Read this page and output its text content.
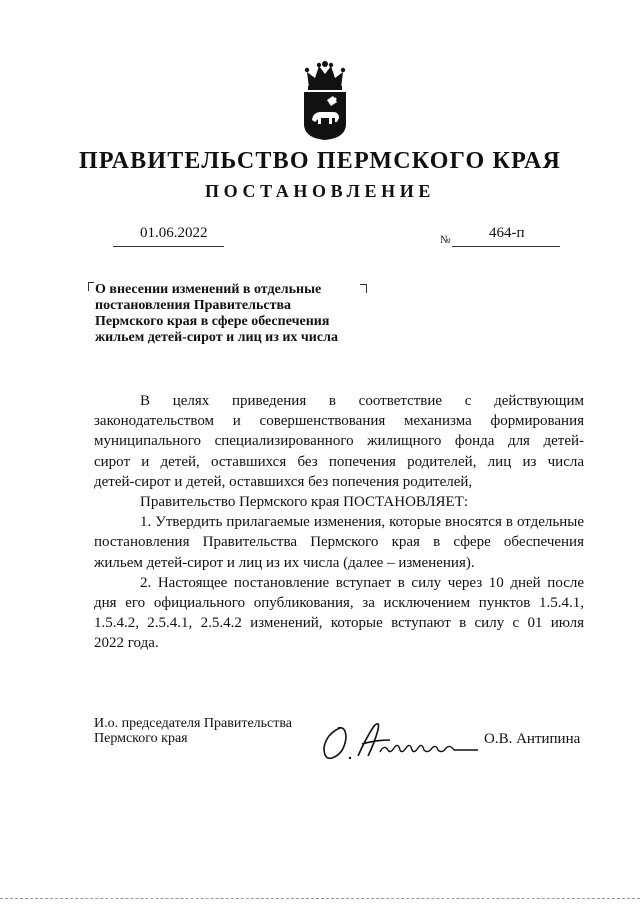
ПРАВИТЕЛЬСТВО ПЕРМСКОГО КРАЯ
ПОСТАНОВЛЕНИЕ
01.06.2022	№	464-п
О внесении изменений в отдельные
постановления Правительства
Пермского края в сфере обеспечения
жильем детей-сирот и лиц из их числа

В целях приведения в соответствие с действующим
законодательством и совершенствования механизма формирования
муниципального специализированного жилищного фонда для детей-
сирот и детей, оставшихся без попечения родителей, лиц из числа
детей-сирот и детей, оставшихся без попечения родителей,

Правительство Пермского края ПОСТАНОВЛЯЕТ:

1. Утвердить прилагаемые изменения, которые вносятся в отдельные
постановления Правительства Пермского края в сфере обеспечения
жильем детей-сирот и лиц из их числа (далее – изменения).

2. Настоящее постановление вступает в силу через 10 дней после
дня его официального опубликования, за исключением пунктов 1.5.4.1,
1.5.4.2, 2.5.4.1, 2.5.4.2 изменений, которые вступают в силу с 01 июля
2022 года.

И.о. председателя Правительства
Пермского края	О.В. Антипина
